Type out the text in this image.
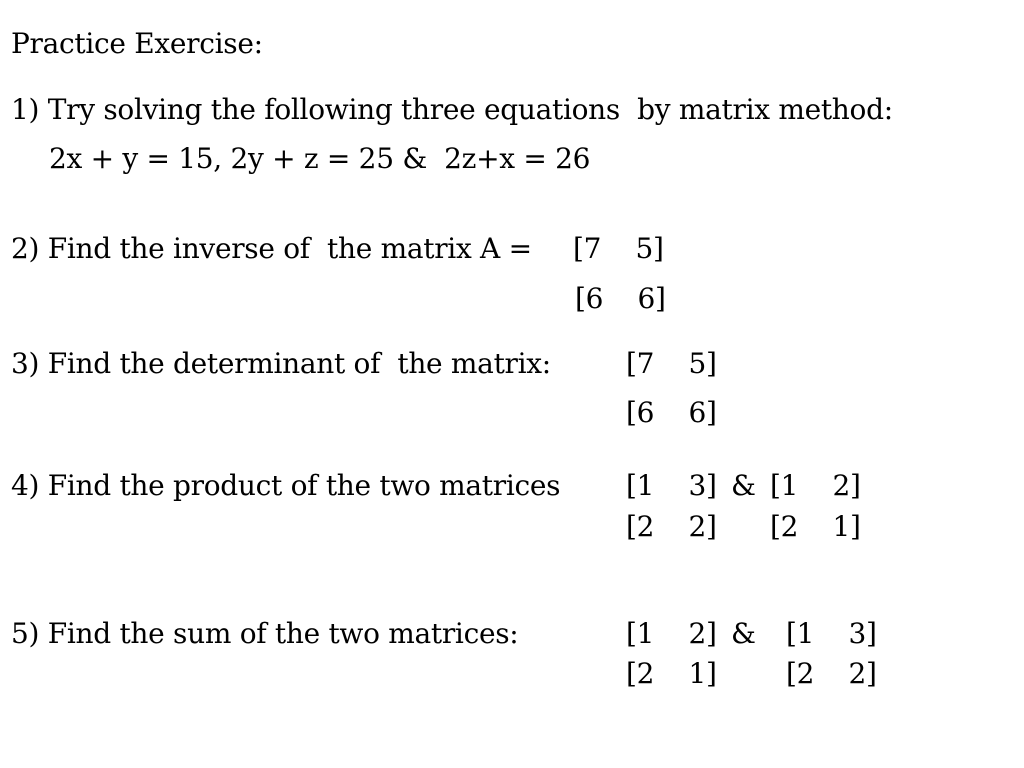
Practice Exercise:
1) Try solving the following three equations  by matrix method:
2x + y = 15, 2y + z = 25 &  2z+x = 26
2) Find the inverse of  the matrix A = [7    5]
[6    6]
3) Find the determinant of  the matrix:	[7    5]
[6    6]
4) Find the product of the two matrices [1    3] & [1    2]
[2    2] [2    1]
5) Find the sum of the two matrices:	[1    2] & [1    3]
[2    1] [2    2]
